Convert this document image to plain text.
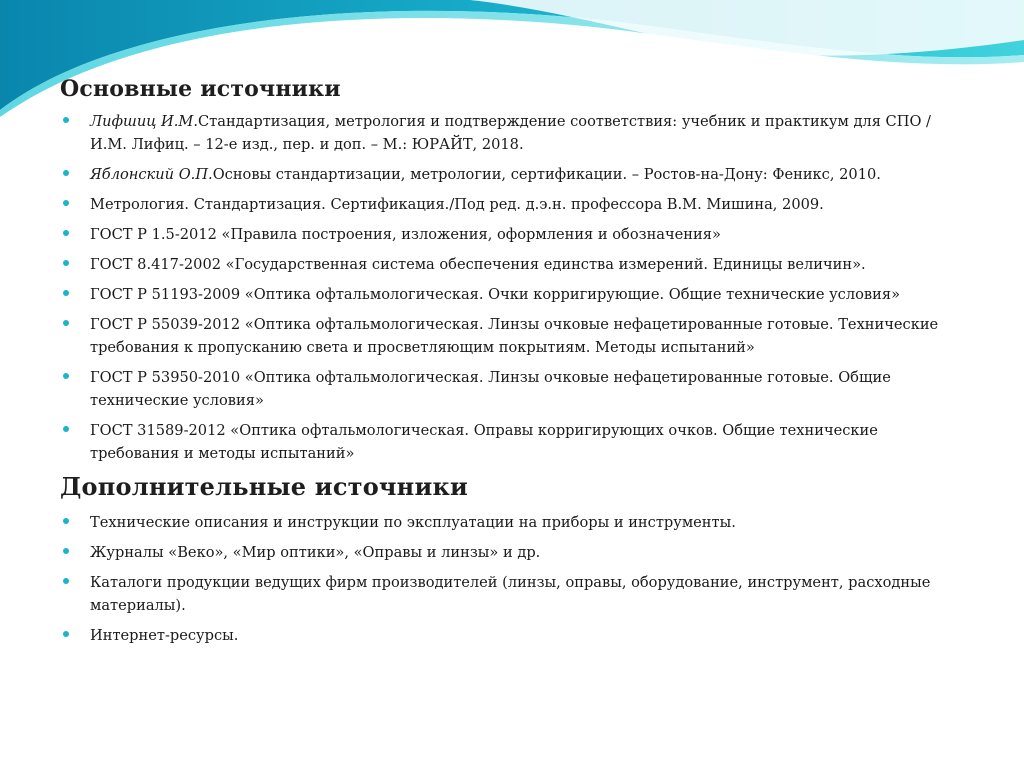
Основные источники
Лифшиц И.М.Стандартизация, метрология и подтверждение соответствия: учебник и практикум для СПО / И.М. Лифиц. – 12-е изд., пер. и доп. – М.: ЮРАЙТ, 2018.
Яблонский О.П.Основы стандартизации, метрологии, сертификации. – Ростов-на-Дону: Феникс, 2010.
Метрология. Стандартизация. Сертификация./Под ред. д.э.н. профессора В.М. Мишина, 2009.
ГОСТ Р 1.5-2012 «Правила построения, изложения, оформления и обозначения»
ГОСТ 8.417-2002 «Государственная система обеспечения единства измерений. Единицы величин».
ГОСТ Р 51193-2009 «Оптика офтальмологическая. Очки корригирующие. Общие технические условия»
ГОСТ Р 55039-2012 «Оптика офтальмологическая. Линзы очковые нефацетированные готовые. Технические требования к пропусканию света и просветляющим покрытиям. Методы испытаний»
ГОСТ Р 53950-2010 «Оптика офтальмологическая. Линзы очковые нефацетированные готовые. Общие технические условия»
ГОСТ 31589-2012 «Оптика офтальмологическая. Оправы корригирующих очков. Общие технические требования и методы испытаний»
Дополнительные источники
Технические описания и инструкции по эксплуатации на приборы и инструменты.
Журналы «Веко», «Мир оптики», «Оправы и линзы» и др.
Каталоги продукции ведущих фирм производителей (линзы, оправы, оборудование, инструмент, расходные материалы).
Интернет-ресурсы.
